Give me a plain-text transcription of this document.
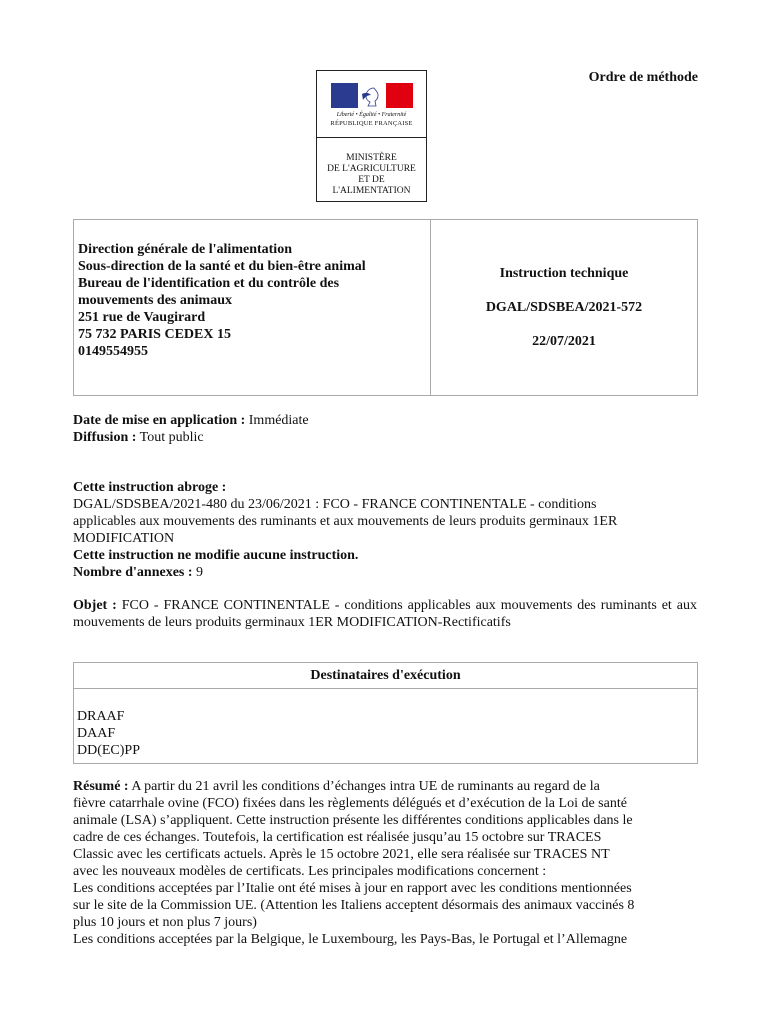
Ordre de méthode
Liberté • Égalité • Fraternité
RÉPUBLIQUE FRANÇAISE
MINISTÈRE
DE L'AGRICULTURE
ET DE
L'ALIMENTATION
Direction générale de l'alimentation
Sous-direction de la santé et du bien-être animal
Bureau de l'identification et du contrôle des
mouvements des animaux
251 rue de Vaugirard
75 732 PARIS CEDEX 15
0149554955
Instruction technique
DGAL/SDSBEA/2021-572
22/07/2021
Date de mise en application : Immédiate
Diffusion : Tout public
Cette instruction abroge :
DGAL/SDSBEA/2021-480 du 23/06/2021 : FCO - FRANCE CONTINENTALE - conditions
applicables aux mouvements des ruminants et aux mouvements de leurs produits germinaux 1ER
MODIFICATION
Cette instruction ne modifie aucune instruction.
Nombre d'annexes : 9
Objet : FCO - FRANCE CONTINENTALE - conditions applicables aux mouvements des ruminants et aux mouvements de leurs produits germinaux 1ER MODIFICATION-Rectificatifs
Destinataires d'exécution
DRAAF
DAAF
DD(EC)PP
Résumé : A partir du 21 avril les conditions d’échanges intra UE de ruminants au regard de la
fièvre catarrhale ovine (FCO) fixées dans les règlements délégués et d’exécution de la Loi de santé
animale (LSA) s’appliquent. Cette instruction présente les différentes conditions applicables dans le
cadre de ces échanges. Toutefois, la certification est réalisée jusqu’au 15 octobre sur TRACES
Classic avec les certificats actuels. Après le 15 octobre 2021, elle sera réalisée sur TRACES NT
avec les nouveaux modèles de certificats. Les principales modifications concernent :
Les conditions acceptées par l’Italie ont été mises à jour en rapport avec les conditions mentionnées
sur le site de la Commission UE. (Attention les Italiens acceptent désormais des animaux vaccinés 8
plus 10 jours et non plus 7 jours)
Les conditions acceptées par la Belgique, le Luxembourg, les Pays-Bas, le Portugal et l’Allemagne
